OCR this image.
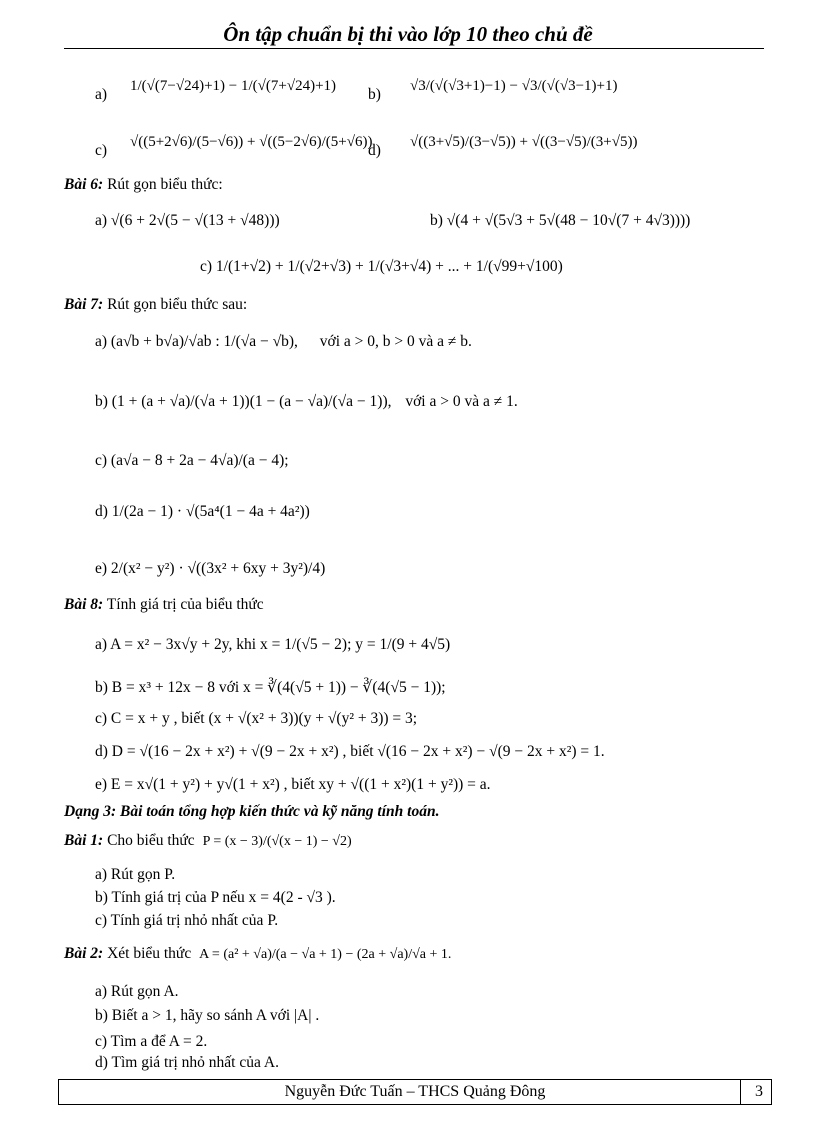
Ôn tập chuẩn bị thi vào lớp 10 theo chủ đề
a) 1/(√(7−√24)+1) − 1/(√(7+√24)+1) b) √3/(√(√3+1)−1) − √3/(√(√3−1)+1)
c) √((5+2√6)/(5−√6)) + √((5−2√6)/(5+√6))
d) √((3+√5)/(3−√5)) + √((3−√5)/(3+√5))
Bài 6: Rút gọn biểu thức:
a) √(6 + 2√(5 − √(13 + √48)))	b) √(4 + √(5√3 + 5√(48 − 10√(7 + 4√3))))
c) 1/(1+√2) + 1/(√2+√3) + 1/(√3+√4) + ... + 1/(√99+√100)
Bài 7: Rút gọn biểu thức sau:
a) (a√b + b√a)/√ab : 1/(√a − √b), với a > 0, b > 0 và a ≠ b.
b) (1 + (a + √a)/(√a + 1))(1 − (a − √a)/(√a − 1)), với a > 0 và a ≠ 1.
c) (a√a − 8 + 2a − 4√a)/(a − 4);
d) 1/(2a − 1) · √(5a⁴(1 − 4a + 4a²))
e) 2/(x² − y²) · √((3x² + 6xy + 3y²)/4)
Bài 8: Tính giá trị của biểu thức
a) A = x² − 3x√y + 2y, khi x = 1/(√5 − 2); y = 1/(9 + 4√5)
b) B = x³ + 12x − 8 với x = ∛(4(√5 + 1)) − ∛(4(√5 − 1));
c) C = x + y , biết (x + √(x² + 3))(y + √(y² + 3)) = 3;
d) D = √(16 − 2x + x²) + √(9 − 2x + x²) , biết √(16 − 2x + x²) − √(9 − 2x + x²) = 1.
e) E = x√(1 + y²) + y√(1 + x²) , biết xy + √((1 + x²)(1 + y²)) = a.
Dạng 3: Bài toán tổng hợp kiến thức và kỹ năng tính toán.
Bài 1: Cho biểu thức P = (x − 3)/(√(x − 1) − √2)
a) Rút gọn P.
b) Tính giá trị của P nếu x = 4(2 - √3 ).
c) Tính giá trị nhỏ nhất của P.
Bài 2: Xét biểu thức A = (a² + √a)/(a − √a + 1) − (2a + √a)/√a + 1.
a) Rút gọn A.
b) Biết a > 1, hãy so sánh A với |A| .
c) Tìm a để A = 2.
d) Tìm giá trị nhỏ nhất của A.
Nguyễn Đức Tuấn – THCS Quảng Đông	3
